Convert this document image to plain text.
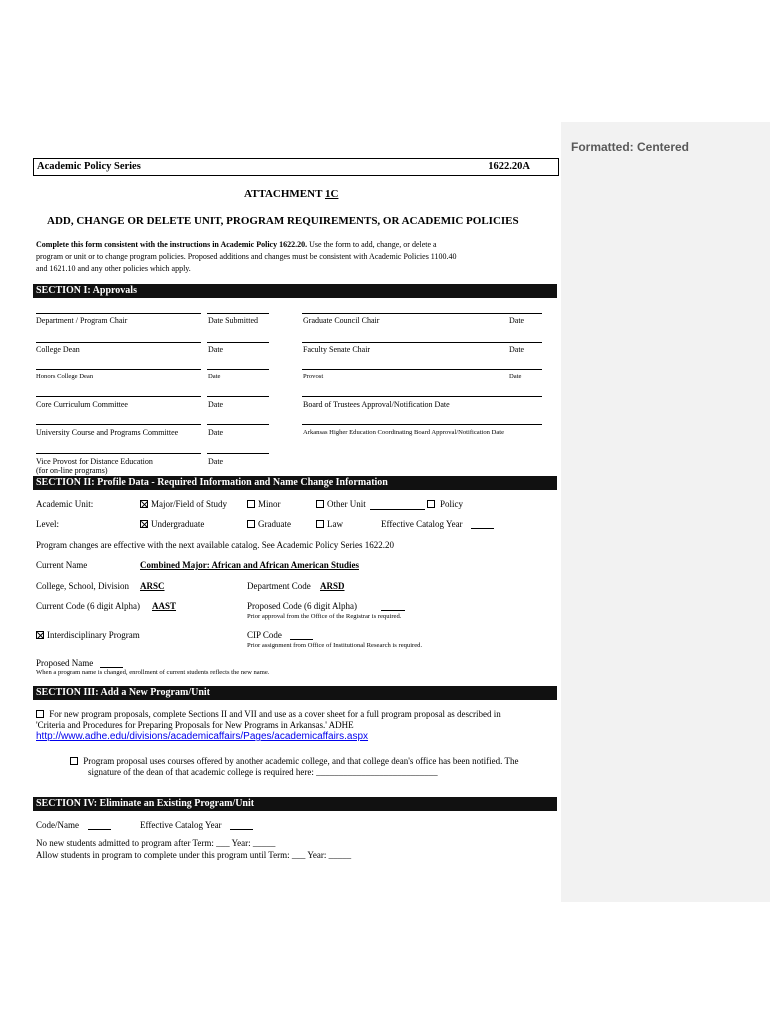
Formatted: Centered
Academic Policy Series	1622.20A
ATTACHMENT 1C
ADD, CHANGE OR DELETE UNIT, PROGRAM REQUIREMENTS, OR ACADEMIC POLICIES
Complete this form consistent with the instructions in Academic Policy 1622.20. Use the form to add, change, or delete a
program or unit or to change program policies. Proposed additions and changes must be consistent with Academic Policies 1100.40
and 1621.10 and any other policies which apply.
SECTION I: Approvals
Department / Program Chair	Date Submitted	Graduate Council Chair	Date
College Dean	Date	Faculty Senate Chair	Date
Honors College Dean	Date	Provost	Date
Core Curriculum Committee	Date	Board of Trustees Approval/Notification Date
University Course and Programs Committee	Date	Arkansas Higher Education Coordinating Board Approval/Notification Date
Vice Provost for Distance Education	Date
(for on-line programs)
SECTION II: Profile Data - Required Information and Name Change Information
Academic Unit:	Major/Field of Study	Minor	Other Unit	Policy
Level:	Undergraduate	Graduate	Law	Effective Catalog Year
Program changes are effective with the next available catalog. See Academic Policy Series 1622.20
Current Name	Combined Major: African and African American Studies
College, School, Division ARSC	Department Code ARSD
Current Code (6 digit Alpha) AAST	Proposed Code (6 digit Alpha)
Prior approval from the Office of the Registrar is required.
Interdisciplinary Program	CIP Code
Prior assignment from Office of Institutional Research is required.
Proposed Name
When a program name is changed, enrollment of current students reflects the new name.
SECTION III: Add a New Program/Unit
For new program proposals, complete Sections II and VII and use as a cover sheet for a full program proposal as described in
'Criteria and Procedures for Preparing Proposals for New Programs in Arkansas.' ADHE
http://www.adhe.edu/divisions/academicaffairs/Pages/academicaffairs.aspx
Program proposal uses courses offered by another academic college, and that college dean's office has been notified. The
signature of the dean of that academic college is required here: ___________________________
SECTION IV: Eliminate an Existing Program/Unit
Code/Name	Effective Catalog Year
No new students admitted to program after Term: ___ Year: _____
Allow students in program to complete under this program until Term: ___ Year: _____
